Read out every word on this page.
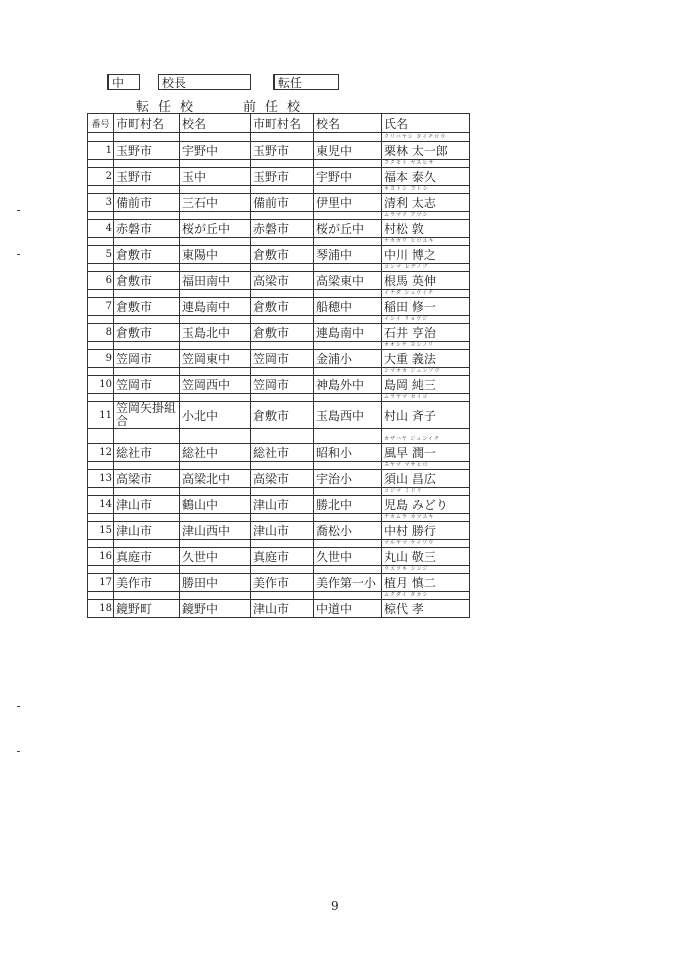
中	校長	転任
転任校	前任校
番号	市町村名	校名	市町村名	校名	氏名

1	玉野市	宇野中	玉野市	東児中	クリバヤシ タイチロウ
栗林 太一郎

2	玉野市	玉中	玉野市	宇野中	フクモト ヤスヒサ
福本 泰久

3	備前市	三石中	備前市	伊里中	キヨトシ フトシ
清利 太志

4	赤磐市	桜が丘中	赤磐市	桜が丘中	ムラマツ アツシ
村松 敦

5	倉敷市	東陽中	倉敷市	琴浦中	ナカガワ ヒロユキ
中川 博之

6	倉敷市	福田南中	高梁市	高梁東中	コンマ ヒデノブ
根馬 英伸

7	倉敷市	連島南中	倉敷市	船穂中	イナダ シュウイチ
稲田 修一

8	倉敷市	玉島北中	倉敷市	連島南中	イシイ リョウジ
石井 亨治

9	笠岡市	笠岡東中	笠岡市	金浦小	オオシゲ ヨシノリ
大重 義法

10	笠岡市	笠岡西中	笠岡市	神島外中	シマオカ ジュンゾウ
島岡 純三

11	笠岡矢掛組合	小北中	倉敷市	玉島西中	ムラヤマ セイコ
村山 斉子

12	総社市	総社中	総社市	昭和小	カザハヤ ジュンイチ
風早 潤一

13	高梁市	高梁北中	高梁市	宇治小	スヤマ マサヒロ
須山 昌広

14	津山市	鶴山中	津山市	勝北中	コジマ ミドリ
児島 みどり

15	津山市	津山西中	津山市	喬松小	ナカムラ カツユキ
中村 勝行

16	真庭市	久世中	真庭市	久世中	マルヤマ ケイゾウ
丸山 敬三

17	美作市	勝田中	美作市	美作第一小	ウエツキ シンジ
植月 慎二

18	鏡野町	鏡野中	津山市	中道中	ムクダイ タカシ
椋代 孝
9
